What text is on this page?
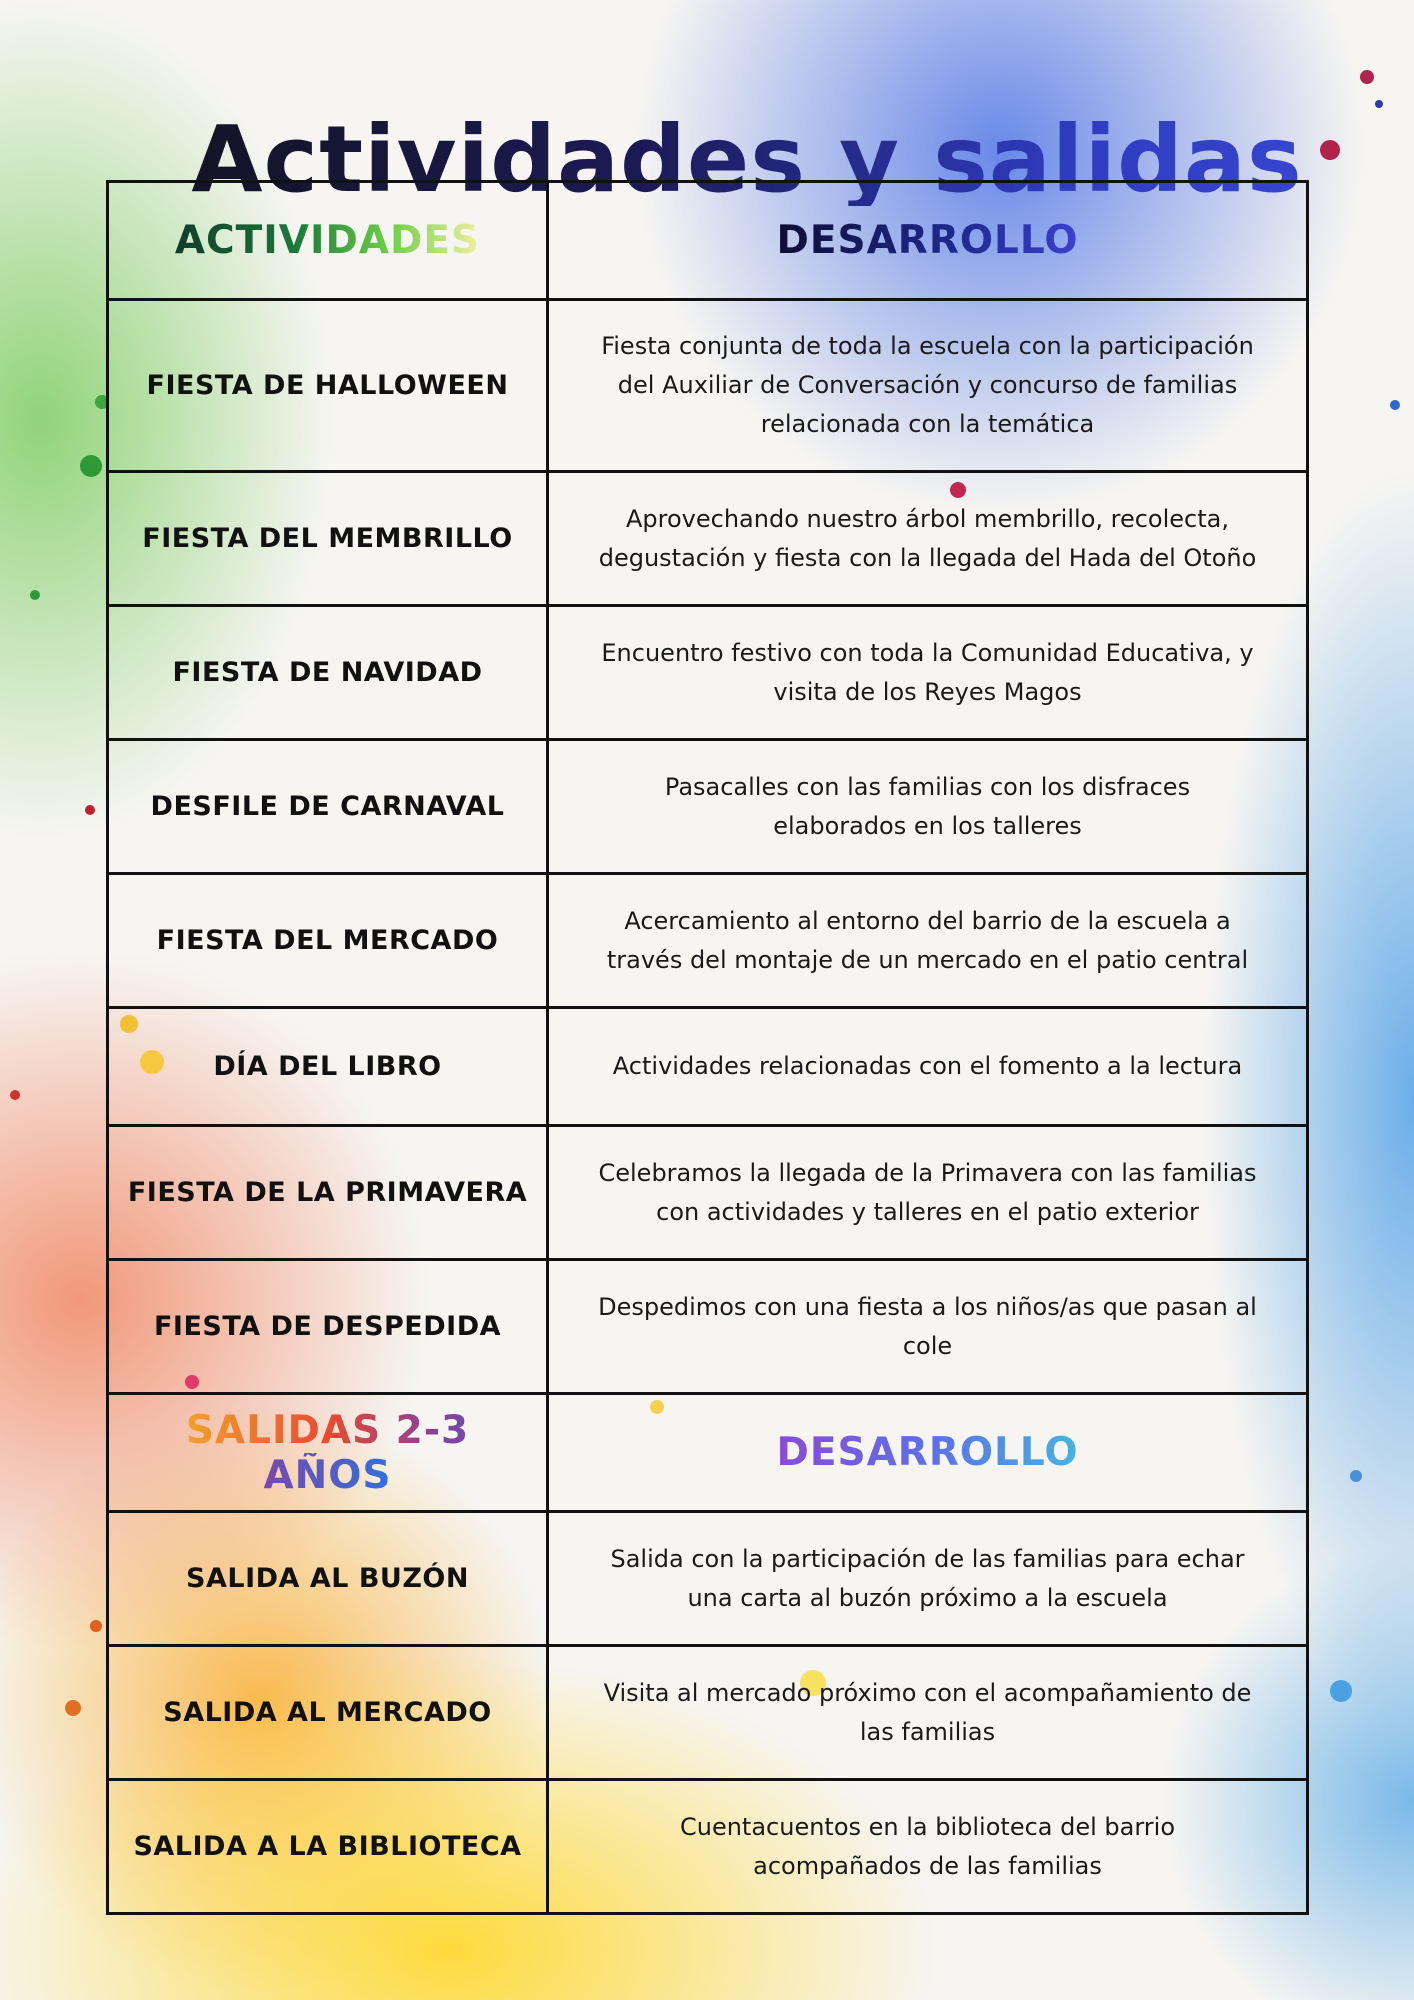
Actividades y salidas
ACTIVIDADES	DESARROLLO
FIESTA DE HALLOWEEN	Fiesta conjunta de toda la escuela con la participación
del Auxiliar de Conversación y concurso de familias
relacionada con la temática

FIESTA DEL MEMBRILLO	Aprovechando nuestro árbol membrillo, recolecta,
degustación y fiesta con la llegada del Hada del Otoño

FIESTA DE NAVIDAD	Encuentro festivo con toda la Comunidad Educativa, y
visita de los Reyes Magos

DESFILE DE CARNAVAL	Pasacalles con las familias con los disfraces
elaborados en los talleres

FIESTA DEL MERCADO	Acercamiento al entorno del barrio de la escuela a
través del montaje de un mercado en el patio central

DÍA DEL LIBRO	Actividades relacionadas con el fomento a la lectura

FIESTA DE LA PRIMAVERA	Celebramos la llegada de la Primavera con las familias
con actividades y talleres en el patio exterior

FIESTA DE DESPEDIDA	Despedimos con una fiesta a los niños/as que pasan al
cole

SALIDAS 2-3 AÑOS	DESARROLLO
SALIDA AL BUZÓN	Salida con la participación de las familias para echar
una carta al buzón próximo a la escuela

SALIDA AL MERCADO	Visita al mercado próximo con el acompañamiento de
las familias

SALIDA A LA BIBLIOTECA	Cuentacuentos en la biblioteca del barrio
acompañados de las familias
